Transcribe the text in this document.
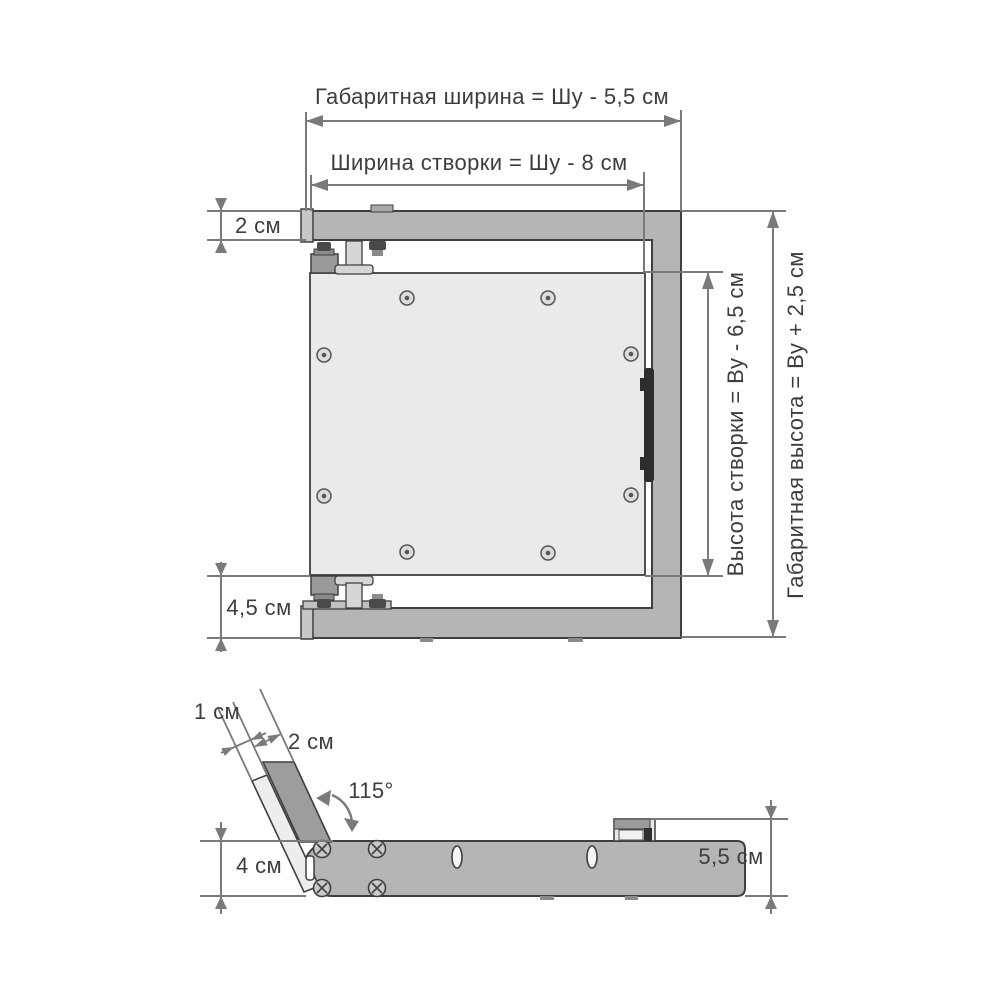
Габаритная ширина = Шу - 5,5 см
Ширина створки = Шу - 8 см
2 см
4,5 см
Высота створки = Ву - 6,5 см Габаритная высота = Ву + 2,5 см
1 см
2 см
115°
4 см	5,5 см
